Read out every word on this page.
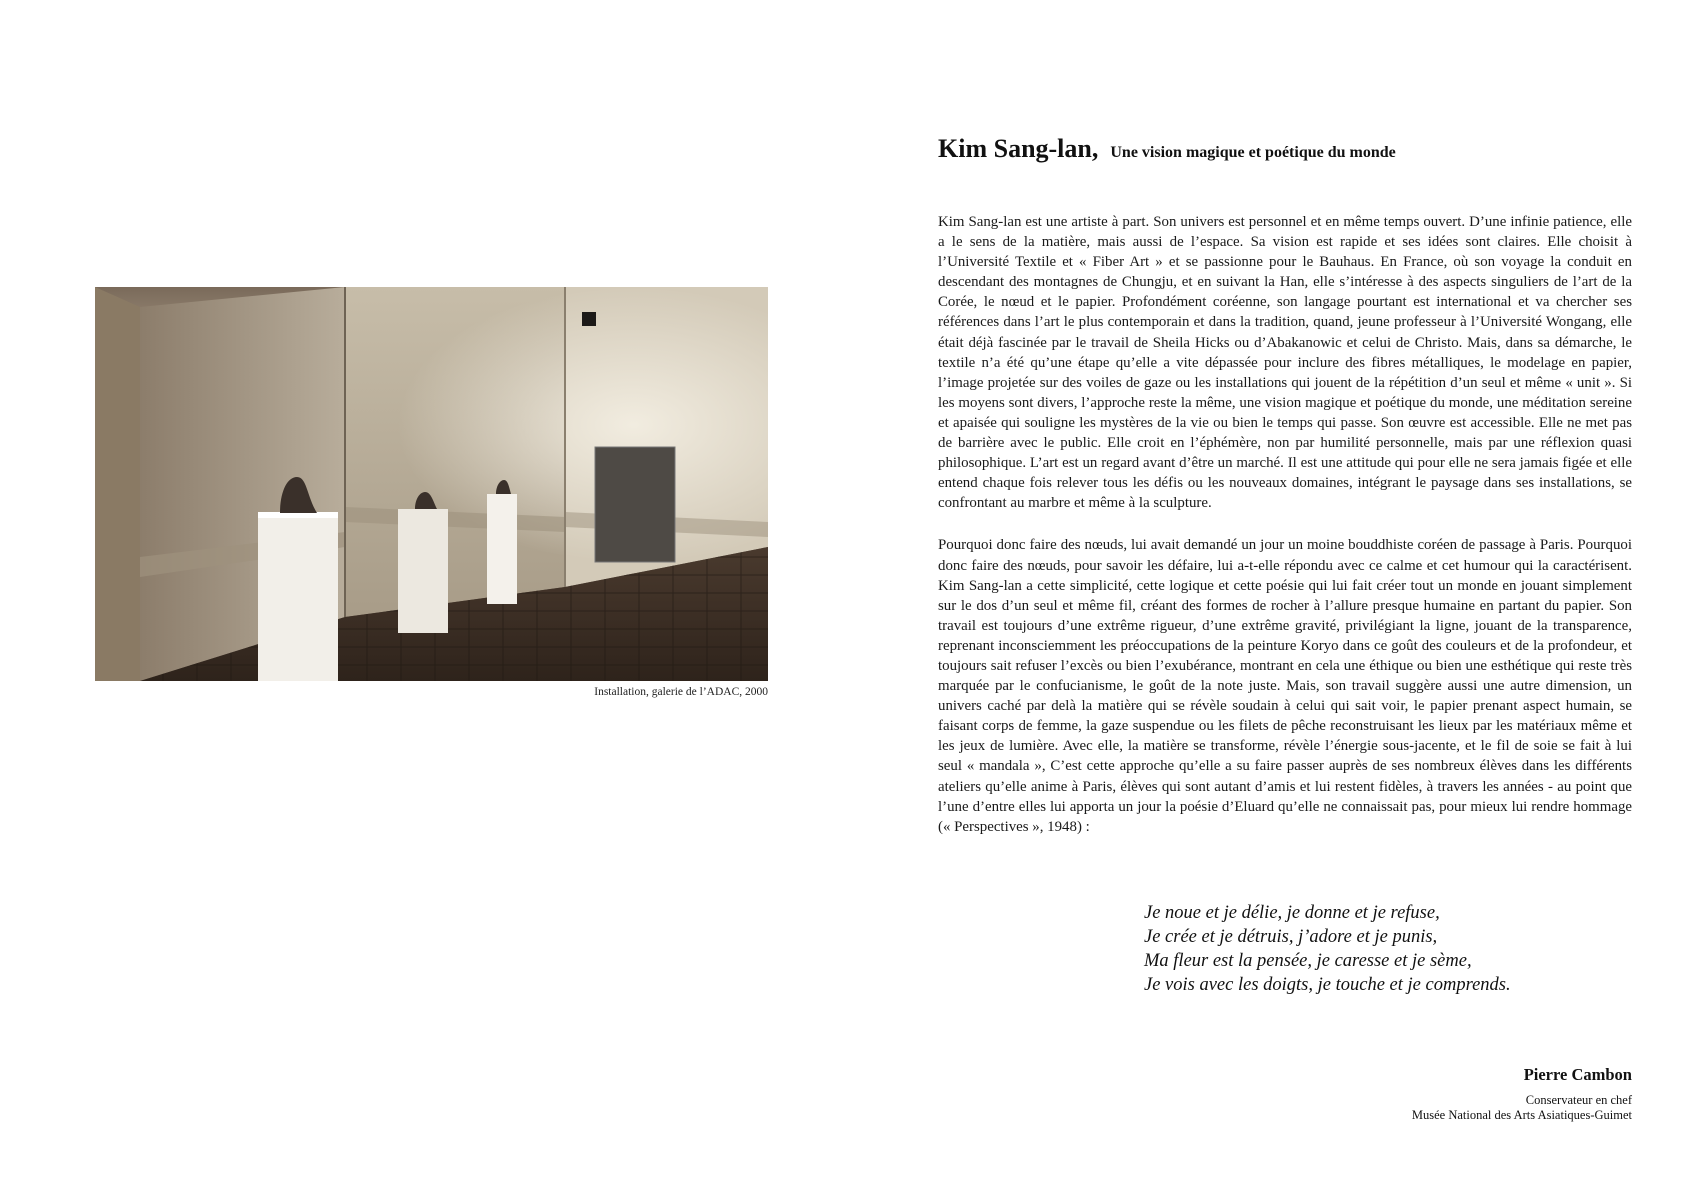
Installation, galerie de l’ADAC, 2000
Kim Sang-lan, Une vision magique et poétique du monde

Kim Sang-lan est une artiste à part. Son univers est personnel et en même temps ouvert. D’une infinie patience, elle a le sens de la matière, mais aussi de l’espace. Sa vision est rapide et ses idées sont claires. Elle choisit à l’Université Textile et « Fiber Art » et se passionne pour le Bauhaus. En France, où son voyage la conduit en descendant des montagnes de Chungju, et en suivant la Han, elle s’intéresse à des aspects singuliers de l’art de la Corée, le nœud et le papier. Profondément coréenne, son langage pourtant est international et va chercher ses références dans l’art le plus contemporain et dans la tradition, quand, jeune professeur à l’Université Wongang, elle était déjà fascinée par le travail de Sheila Hicks ou d’Abakanowic et celui de Christo. Mais, dans sa démarche, le textile n’a été qu’une étape qu’elle a vite dépassée pour inclure des fibres métalliques, le modelage en papier, l’image projetée sur des voiles de gaze ou les installations qui jouent de la répétition d’un seul et même « unit ». Si les moyens sont divers, l’approche reste la même, une vision magique et poétique du monde, une méditation sereine et apaisée qui souligne les mystères de la vie ou bien le temps qui passe. Son œuvre est accessible. Elle ne met pas de barrière avec le public. Elle croit en l’éphémère, non par humilité personnelle, mais par une réflexion quasi philosophique. L’art est un regard avant d’être un marché. Il est une attitude qui pour elle ne sera jamais figée et elle entend chaque fois relever tous les défis ou les nouveaux domaines, intégrant le paysage dans ses installations, se confrontant au marbre et même à la sculpture.

Pourquoi donc faire des nœuds, lui avait demandé un jour un moine bouddhiste coréen de passage à Paris. Pourquoi donc faire des nœuds, pour savoir les défaire, lui a-t-elle répondu avec ce calme et cet humour qui la caractérisent. Kim Sang-lan a cette simplicité, cette logique et cette poésie qui lui fait créer tout un monde en jouant simplement sur le dos d’un seul et même fil, créant des formes de rocher à l’allure presque humaine en partant du papier. Son travail est toujours d’une extrême rigueur, d’une extrême gravité, privilégiant la ligne, jouant de la transparence, reprenant inconsciemment les préoccupations de la peinture Koryo dans ce goût des couleurs et de la profondeur, et toujours sait refuser l’excès ou bien l’exubérance, montrant en cela une éthique ou bien une esthétique qui reste très marquée par le confucianisme, le goût de la note juste. Mais, son travail suggère aussi une autre dimension, un univers caché par delà la matière qui se révèle soudain à celui qui sait voir, le papier prenant aspect humain, se faisant corps de femme, la gaze suspendue ou les filets de pêche reconstruisant les lieux par les matériaux même et les jeux de lumière. Avec elle, la matière se transforme, révèle l’énergie sous-jacente, et le fil de soie se fait à lui seul « mandala », C’est cette approche qu’elle a su faire passer auprès de ses nombreux élèves dans les différents ateliers qu’elle anime à Paris, élèves qui sont autant d’amis et lui restent fidèles, à travers les années - au point que l’une d’entre elles lui apporta un jour la poésie d’Eluard qu’elle ne connaissait pas, pour mieux lui rendre hommage (« Perspectives », 1948) :

Je noue et je délie, je donne et je refuse,
Je crée et je détruis, j’adore et je punis,
Ma fleur est la pensée, je caresse et je sème,
Je vois avec les doigts, je touche et je comprends.
Pierre Cambon
Conservateur en chef
Musée National des Arts Asiatiques-Guimet
